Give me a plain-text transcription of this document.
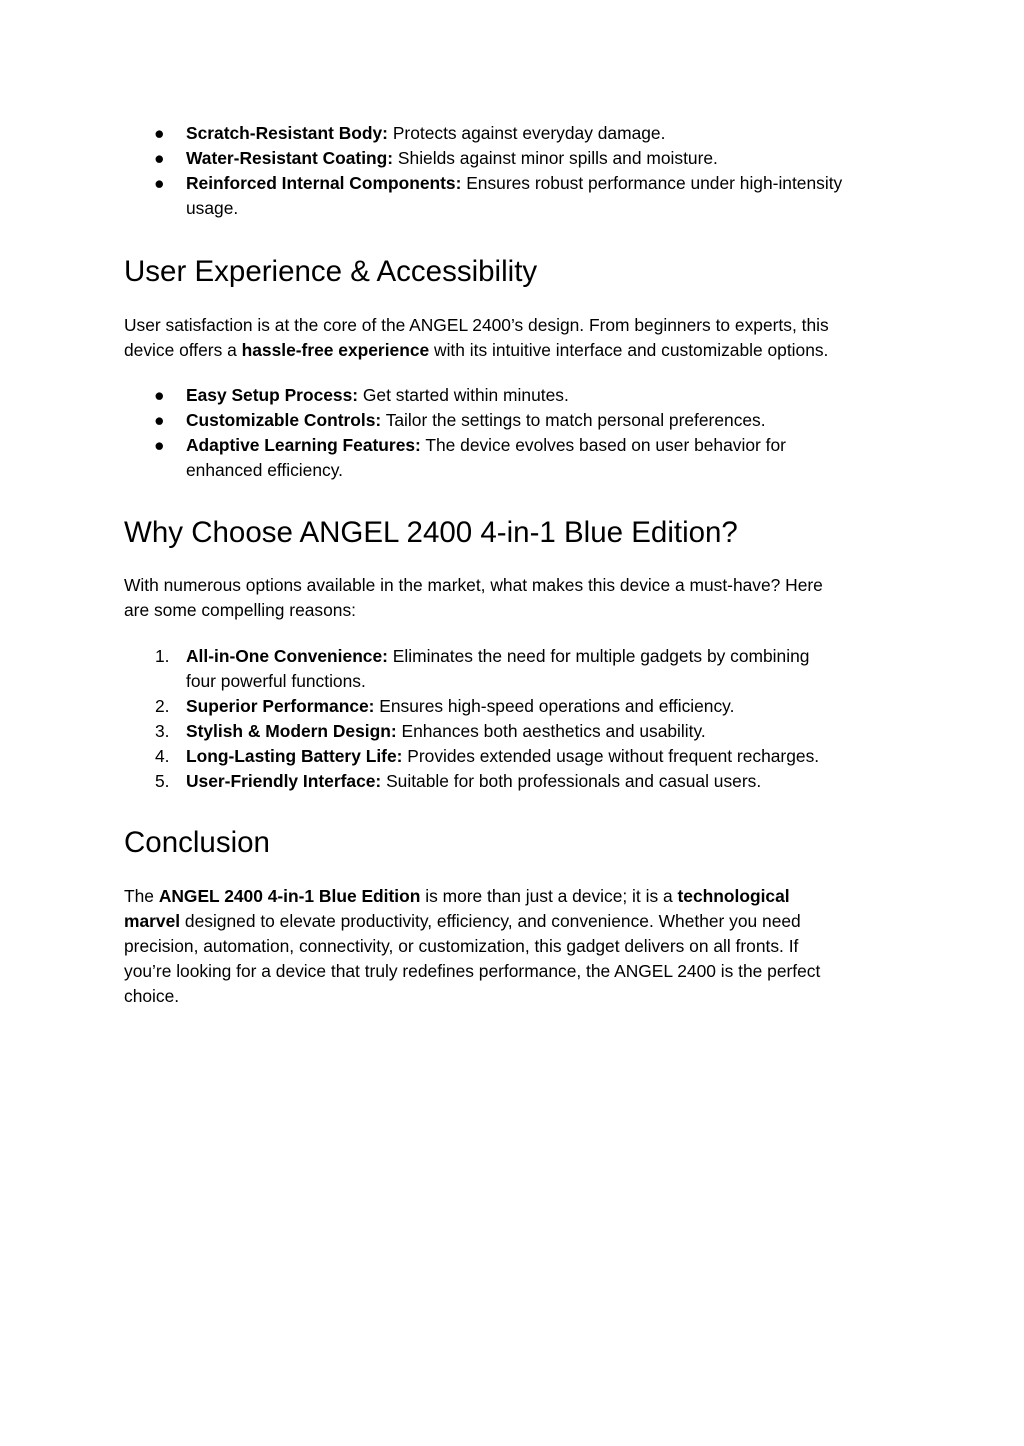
● Scratch-Resistant Body: Protects against everyday damage.
● Water-Resistant Coating: Shields against minor spills and moisture.
● Reinforced Internal Components: Ensures robust performance under high-intensity
usage.
User Experience & Accessibility
User satisfaction is at the core of the ANGEL 2400’s design. From beginners to experts, this
device offers a hassle-free experience with its intuitive interface and customizable options.
● Easy Setup Process: Get started within minutes.
● Customizable Controls: Tailor the settings to match personal preferences.
● Adaptive Learning Features: The device evolves based on user behavior for
enhanced efficiency.
Why Choose ANGEL 2400 4-in-1 Blue Edition?
With numerous options available in the market, what makes this device a must-have? Here
are some compelling reasons:
1. All-in-One Convenience: Eliminates the need for multiple gadgets by combining
four powerful functions.
2. Superior Performance: Ensures high-speed operations and efficiency.
3. Stylish & Modern Design: Enhances both aesthetics and usability.
4. Long-Lasting Battery Life: Provides extended usage without frequent recharges.
5. User-Friendly Interface: Suitable for both professionals and casual users.
Conclusion
The ANGEL 2400 4-in-1 Blue Edition is more than just a device; it is a technological
marvel designed to elevate productivity, efficiency, and convenience. Whether you need
precision, automation, connectivity, or customization, this gadget delivers on all fronts. If
you’re looking for a device that truly redefines performance, the ANGEL 2400 is the perfect
choice.
